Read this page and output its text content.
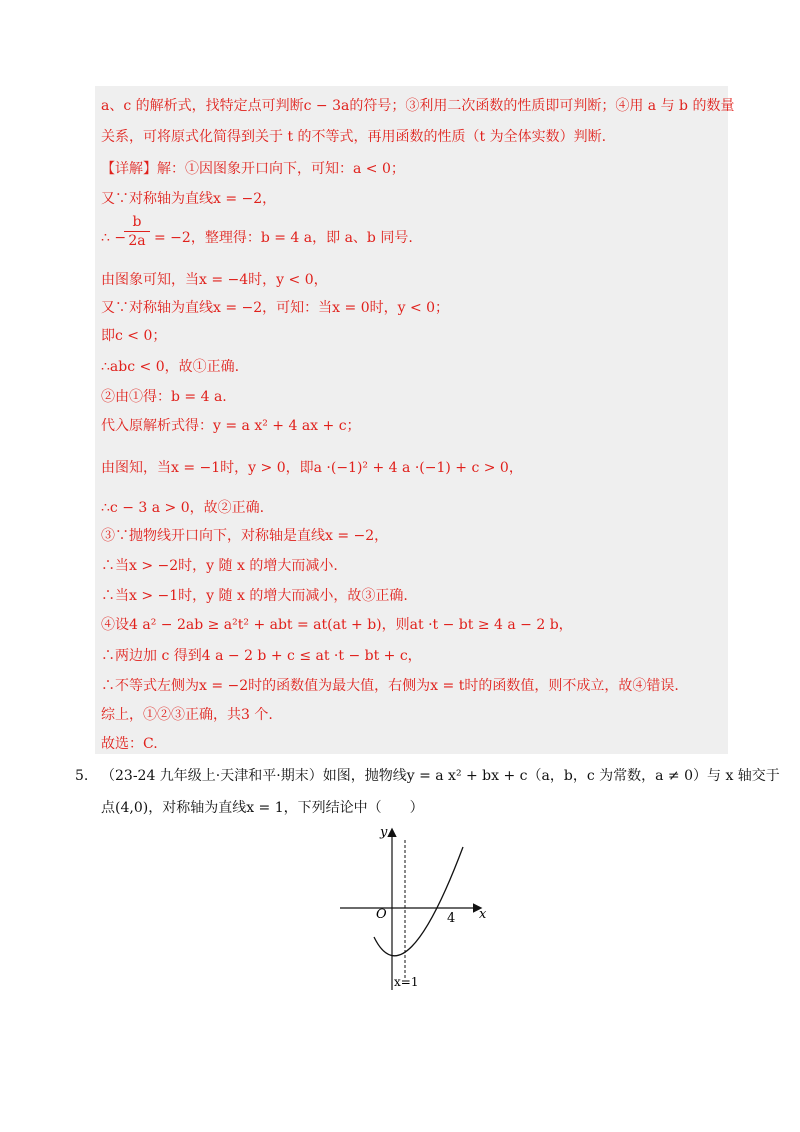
a、c 的解析式，找特定点可判断c − 3a的符号；③利用二次函数的性质即可判断；④用 a 与 b 的数量
关系，可将原式化简得到关于 t 的不等式，再用函数的性质（t 为全体实数）判断.
【详解】解：①因图象开口向下，可知：a < 0；
又∵对称轴为直线x = −2，
∴ −
b
2a = −2，整理得：b = 4 a，即 a、b 同号.
由图象可知，当x = −4时，y < 0，
又∵对称轴为直线x = −2，可知：当x = 0时，y < 0；
即c < 0；
∴abc < 0，故①正确.
②由①得：b = 4 a.
代入原解析式得：y = a x² + 4 ax + c；
由图知，当x = −1时，y > 0，即a ·(−1)² + 4 a ·(−1) + c > 0，
∴c − 3 a > 0，故②正确.
③∵抛物线开口向下，对称轴是直线x = −2，
∴当x > −2时，y 随 x 的增大而减小.
∴当x > −1时，y 随 x 的增大而减小，故③正确.
④设4 a² − 2ab ≥ a²t² + abt = at(at + b)，则at ·t − bt ≥ 4 a − 2 b，
∴两边加 c 得到4 a − 2 b + c ≤ at ·t − bt + c，
∴不等式左侧为x = −2时的函数值为最大值，右侧为x = t时的函数值，则不成立，故④错误.
综上，①②③正确，共3 个.
故选：C.
5. （23-24 九年级上·天津和平·期末）如图，抛物线y = a x² + bx + c（a，b，c 为常数，a ≠ 0）与 x 轴交于
点(4,0)，对称轴为直线x = 1，下列结论中（　　）
y
x
O	4
x=1
